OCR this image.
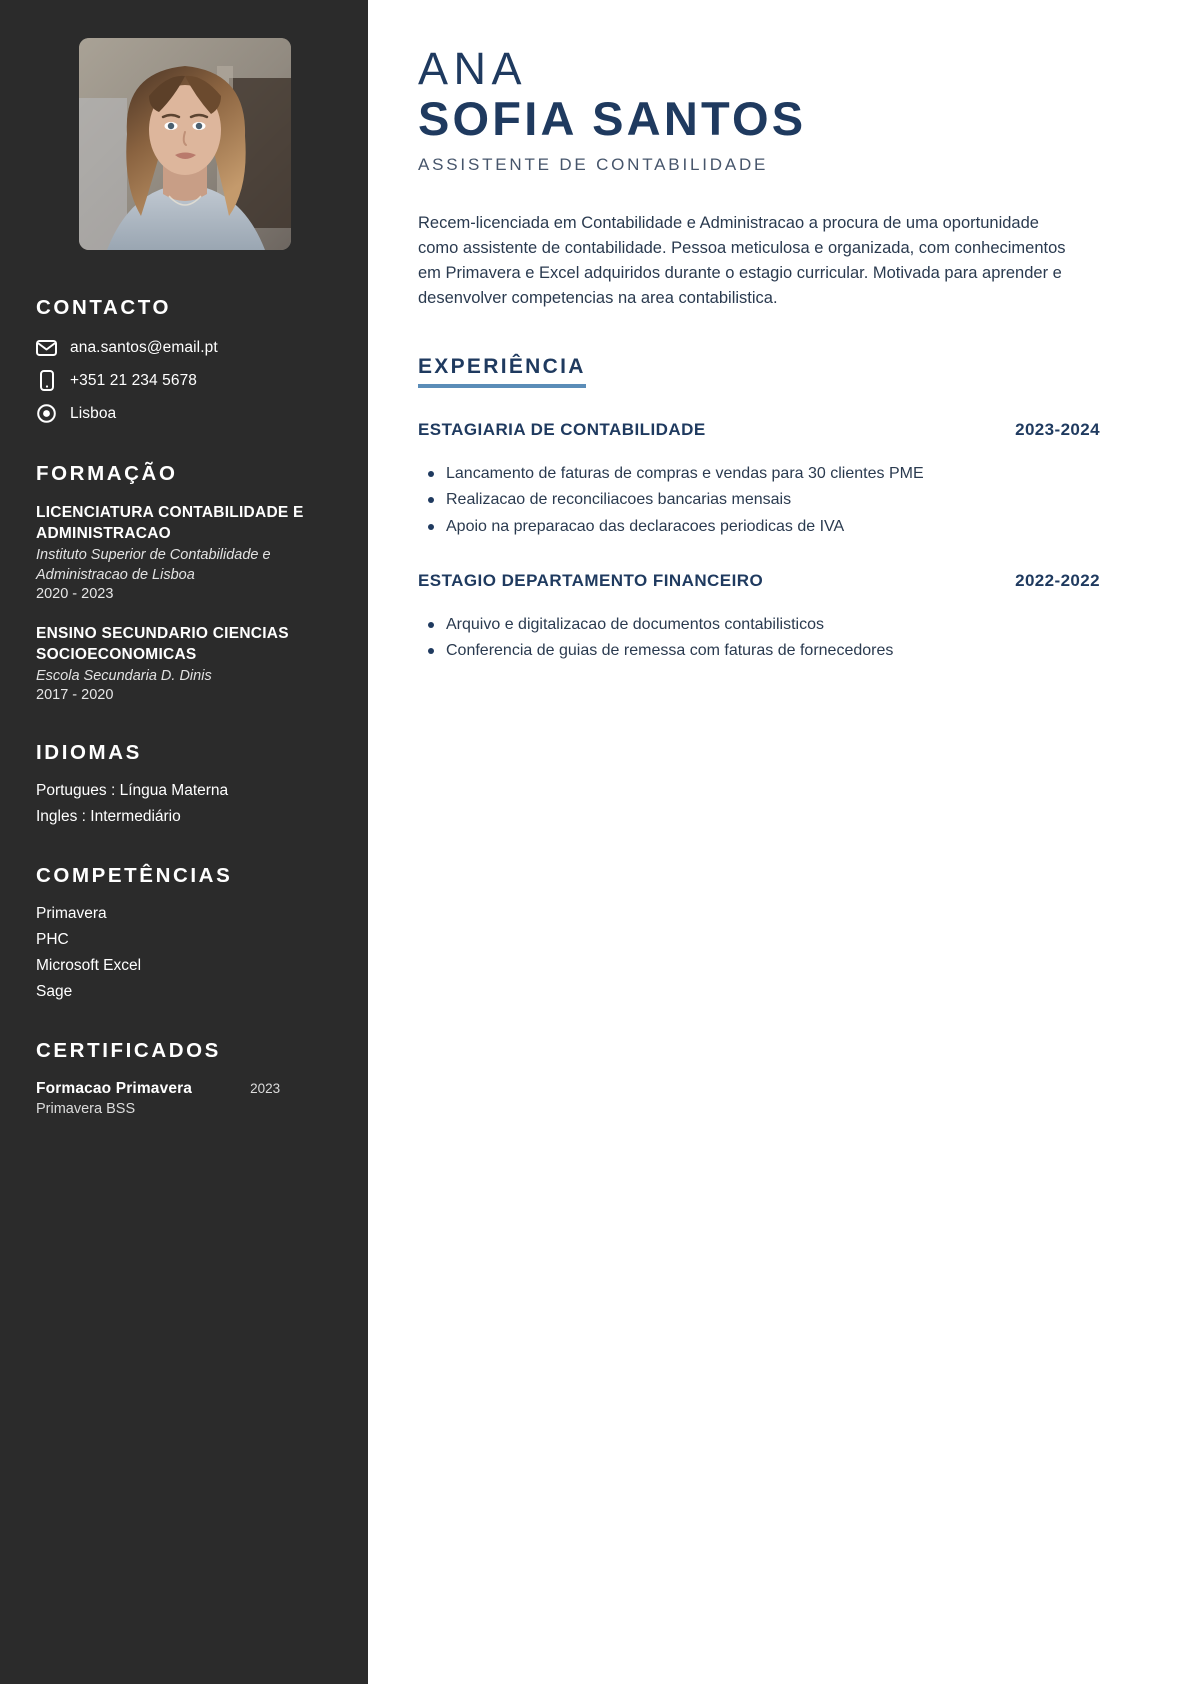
CONTACTO
ana.santos@email.pt
+351 21 234 5678
Lisboa
FORMAÇÃO
LICENCIATURA CONTABILIDADE E ADMINISTRACAO
Instituto Superior de Contabilidade e Administracao de Lisboa
2020 - 2023
ENSINO SECUNDARIO CIENCIAS SOCIOECONOMICAS
Escola Secundaria D. Dinis
2017 - 2020
IDIOMAS
Portugues : Língua Materna
Ingles : Intermediário
COMPETÊNCIAS
Primavera
PHC
Microsoft Excel
Sage
CERTIFICADOS
Formacao Primavera	2023
Primavera BSS
ANA
SOFIA SANTOS
ASSISTENTE DE CONTABILIDADE

Recem-licenciada em Contabilidade e Administracao a procura de uma oportunidade como assistente de contabilidade. Pessoa meticulosa e organizada, com conhecimentos em Primavera e Excel adquiridos durante o estagio curricular. Motivada para aprender e desenvolver competencias na area contabilistica.

EXPERIÊNCIA
ESTAGIARIA DE CONTABILIDADE	2023-2024
Lancamento de faturas de compras e vendas para 30 clientes PME
Realizacao de reconciliacoes bancarias mensais
Apoio na preparacao das declaracoes periodicas de IVA
ESTAGIO DEPARTAMENTO FINANCEIRO	2022-2022
Arquivo e digitalizacao de documentos contabilisticos
Conferencia de guias de remessa com faturas de fornecedores
